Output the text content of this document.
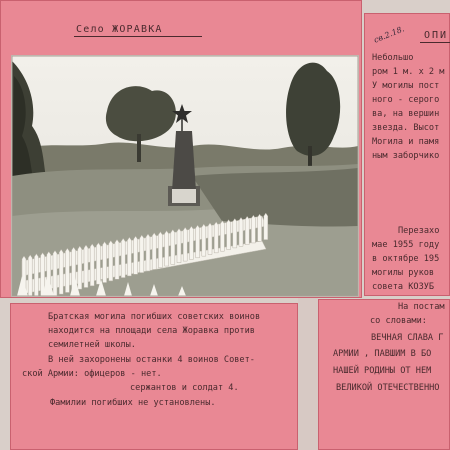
Село ЖОРАВКА	св.2.18. ОПИ
Небольшо
ром 1 м. х 2 м
У могилы пост
ного - серого
ва, на вершин
звезда. Высот
Могила и памя
ным заборчико
Перезахо
мае 1955 году
в октябре 195
могилы руков
совета КОЗУБ
Братская могила погибших советских воинов
находится на площади села Жоравка против
семилетней школы.
В ней захоронены останки 4 воинов Совет-
ской Армии: офицеров - нет.
сержантов и солдат 4.
Фамилии погибших не установлены.
На постам
со словами:
ВЕЧНАЯ СЛАВА Г
АРМИИ , ПАВШИМ В БО
НАШЕЙ РОДИНЫ ОТ НЕМ
ВЕЛИКОЙ ОТЕЧЕСТВЕННО
